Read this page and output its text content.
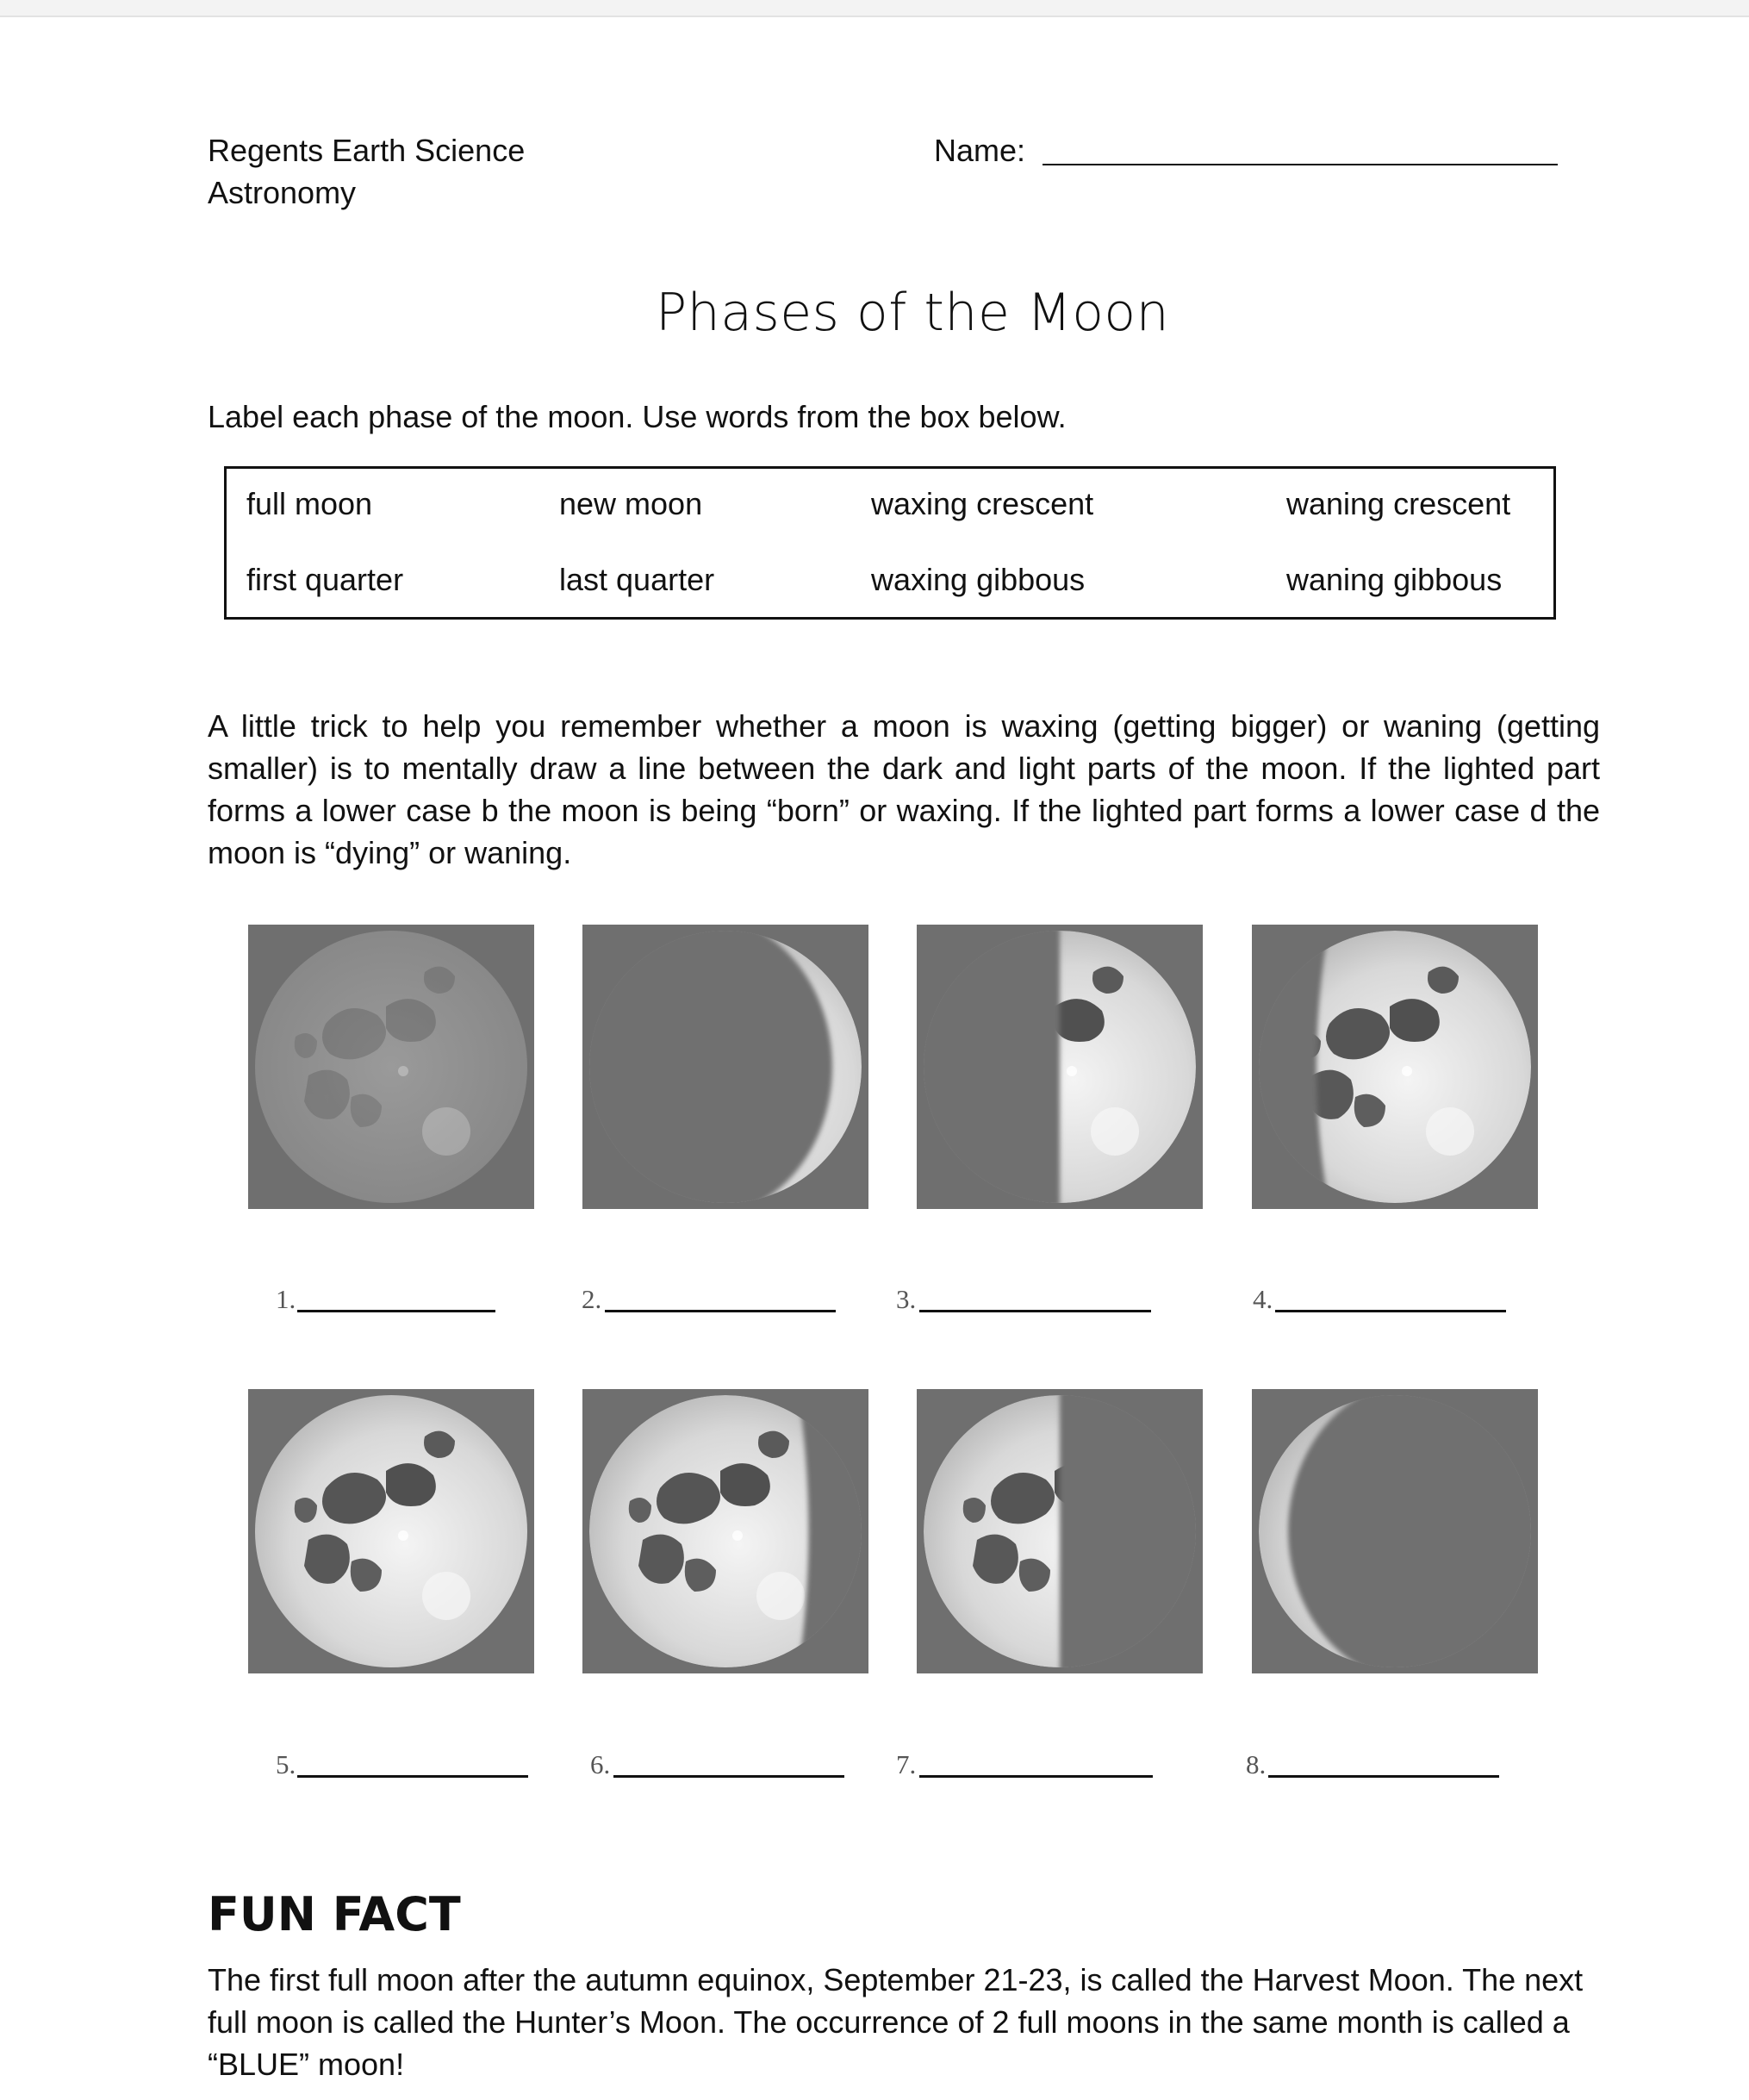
Regents Earth Science
Astronomy
Name:
Phases of the Moon
Label each phase of the moon. Use words from the box below.
full moon	new moon	waxing crescent	waning crescent
first quarter	last quarter	waxing gibbous	waning gibbous

A little trick to help you remember whether a moon is waxing (getting bigger) or waning (getting smaller) is to mentally draw a line between the dark and light parts of the moon. If the lighted part forms a lower case b the moon is being “born” or waxing. If the lighted part forms a lower case d the moon is “dying” or waning.

1.	2.	3.	4.
5.	6.	7.	8.
FUN FACT

The first full moon after the autumn equinox, September 21-23, is called the Harvest Moon. The next full moon is called the Hunter’s Moon. The occurrence of 2 full moons in the same month is called a “BLUE” moon!
